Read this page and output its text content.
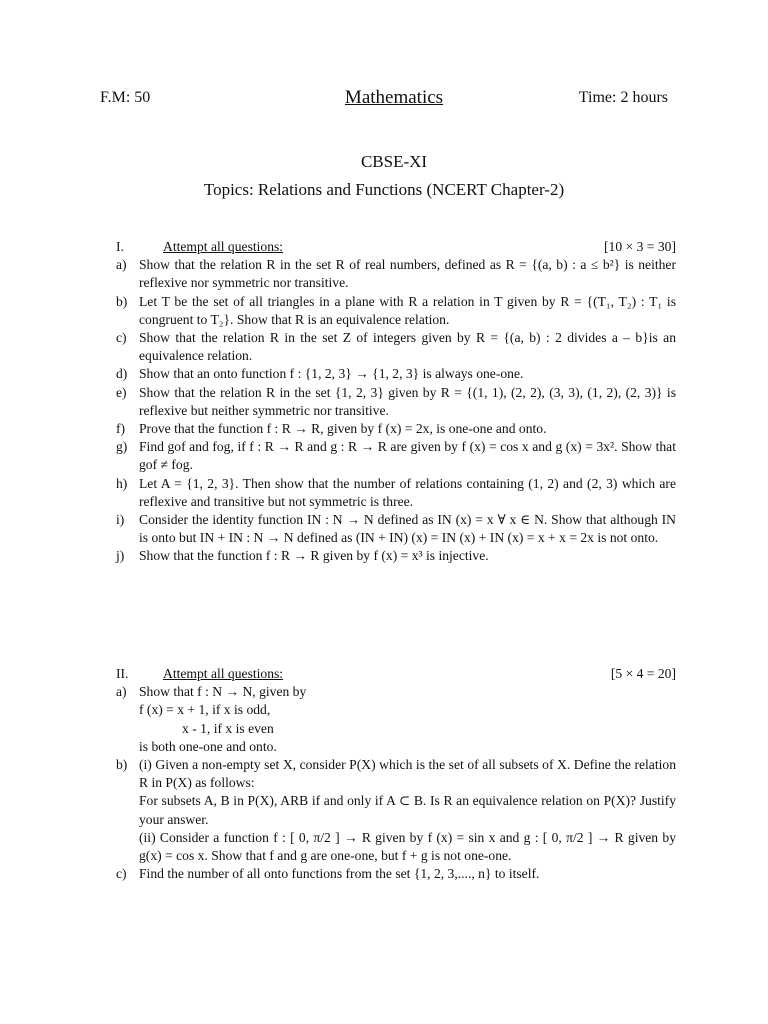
F.M: 50	Mathematics	Time: 2 hours
CBSE-XI
Topics: Relations and Functions (NCERT Chapter-2)
I.	Attempt all questions:	[10 × 3 = 30]
a) Show that the relation R in the set R of real numbers, defined as R = {(a, b) : a ≤ b²} is neither reflexive nor symmetric nor transitive.
b) Let T be the set of all triangles in a plane with R a relation in T given by R = {(T₁, T₂) : T₁ is congruent to T₂}. Show that R is an equivalence relation.
c) Show that the relation R in the set Z of integers given by R = {(a, b) : 2 divides a – b}is an equivalence relation.
d) Show that an onto function f : {1, 2, 3} → {1, 2, 3} is always one-one.
e) Show that the relation R in the set {1, 2, 3} given by R = {(1, 1), (2, 2), (3, 3), (1, 2), (2, 3)} is reflexive but neither symmetric nor transitive.
f) Prove that the function f : R → R, given by f (x) = 2x, is one-one and onto.
g) Find gof and fog, if f : R → R and g : R → R are given by f (x) = cos x and g (x) = 3x². Show that gof ≠ fog.
h) Let A = {1, 2, 3}. Then show that the number of relations containing (1, 2) and (2, 3) which are reflexive and transitive but not symmetric is three.
i) Consider the identity function IN : N → N defined as IN (x) = x ∀ x ∈ N. Show that although IN is onto but IN + IN : N → N defined as (IN + IN) (x) = IN (x) + IN (x) = x + x = 2x is not onto.
j) Show that the function f : R → R given by f (x) = x³ is injective.
II.	Attempt all questions:	[5 × 4 = 20]
a) Show that f : N → N, given by
f (x) = x + 1, if x is odd,
x - 1, if x is even
is both one-one and onto.
b) (i) Given a non-empty set X, consider P(X) which is the set of all subsets of X. Define the relation R in P(X) as follows:
For subsets A, B in P(X), ARB if and only if A ⊂ B. Is R an equivalence relation on P(X)? Justify your answer.
(ii) Consider a function f : [ 0, π/2 ] → R given by f (x) = sin x and g : [ 0, π/2 ] → R given by g(x) = cos x. Show that f and g are one-one, but f + g is not one-one.
c) Find the number of all onto functions from the set {1, 2, 3,...., n} to itself.
